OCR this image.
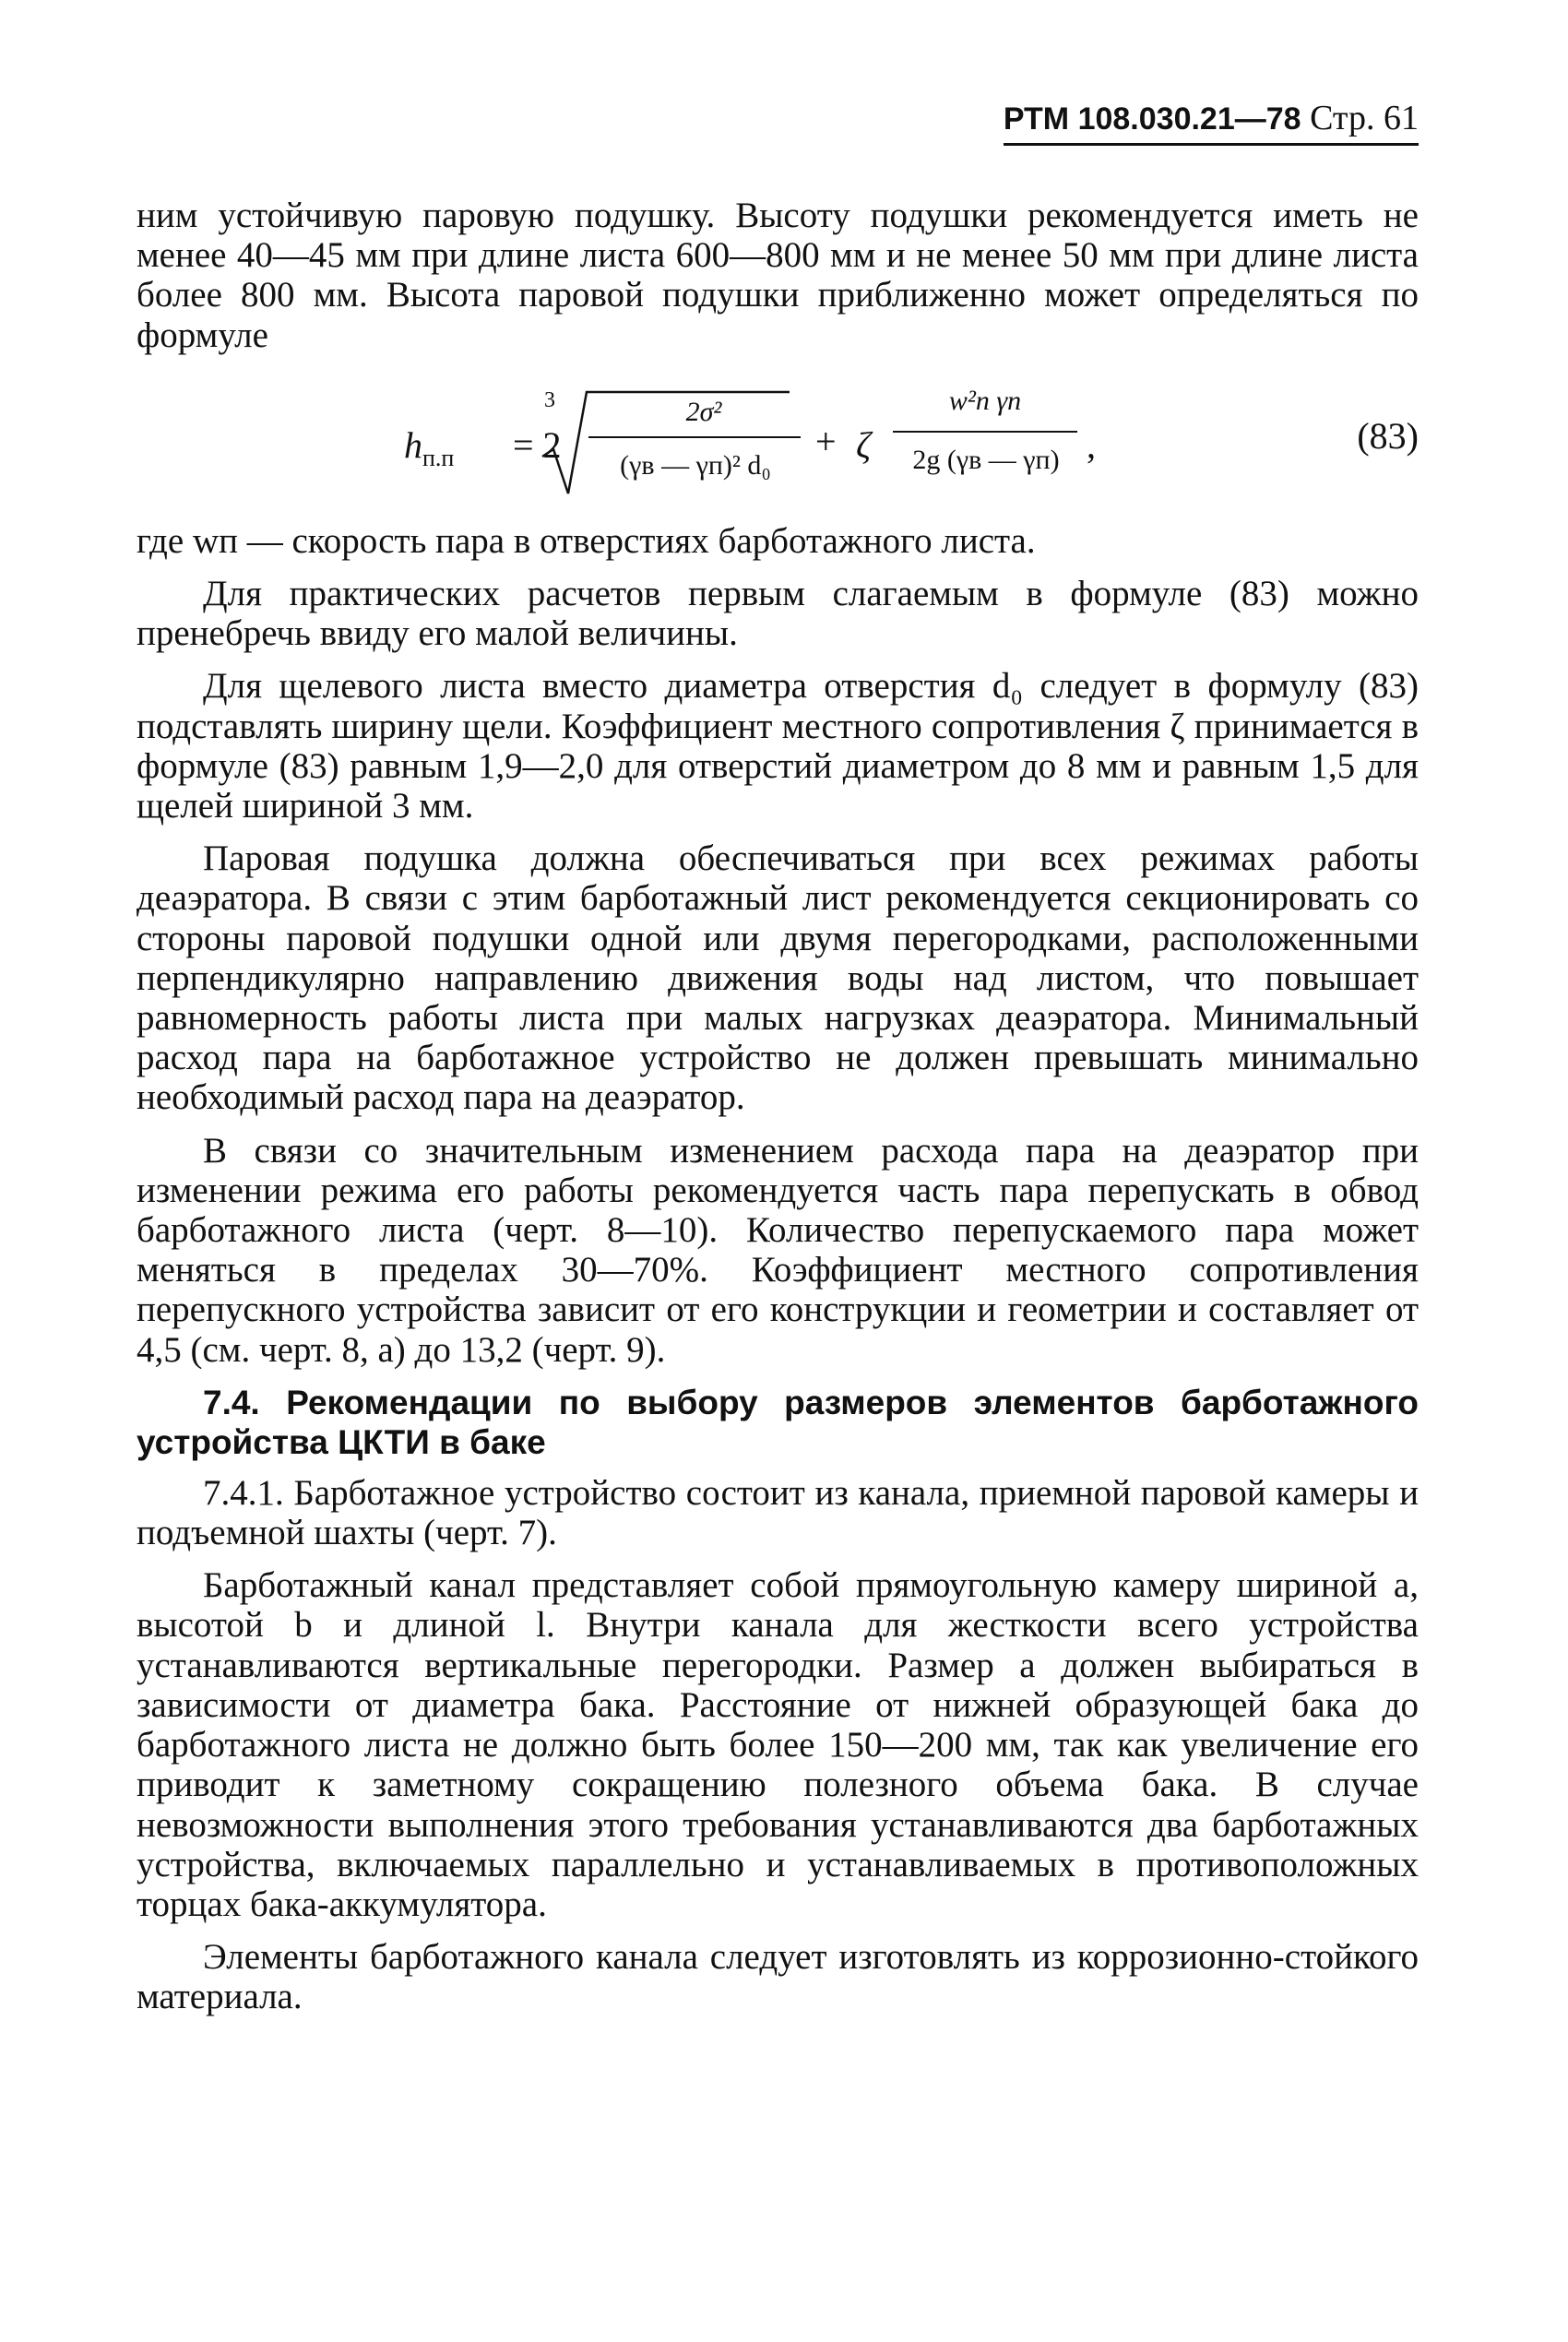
РТМ 108.030.21—78 Стр. 61

ним устойчивую паровую подушку. Высоту подушки рекомендуется иметь не менее 40—45 мм при длине листа 600—800 мм и не менее 50 мм при длине листа более 800 мм. Высота паровой подушки приближенно может определяться по формуле

$h_{п.п} = 2$
3	2σ²
(γв — γп)² d₀
+ ζ
w²п γп
2g (γв — γп) ,	(83)

где wп — скорость пара в отверстиях барботажного листа.

Для практических расчетов первым слагаемым в формуле (83) можно пренебречь ввиду его малой величины.

Для щелевого листа вместо диаметра отверстия d₀ следует в формулу (83) подставлять ширину щели. Коэффициент местного сопротивления ζ принимается в формуле (83) равным 1,9—2,0 для отверстий диаметром до 8 мм и равным 1,5 для щелей шириной 3 мм.

Паровая подушка должна обеспечиваться при всех режимах работы деаэратора. В связи с этим барботажный лист рекомендуется секционировать со стороны паровой подушки одной или двумя перегородками, расположенными перпендикулярно направлению движения воды над листом, что повышает равномерность работы листа при малых нагрузках деаэратора. Минимальный расход пара на барботажное устройство не должен превышать минимально необходимый расход пара на деаэратор.

В связи со значительным изменением расхода пара на деаэратор при изменении режима его работы рекомендуется часть пара перепускать в обвод барботажного листа (черт. 8—10). Количество перепускаемого пара может меняться в пределах 30—70%. Коэффициент местного сопротивления перепускного устройства зависит от его конструкции и геометрии и составляет от 4,5 (см. черт. 8, а) до 13,2 (черт. 9).

7.4. Рекомендации по выбору размеров элементов барботажного устройства ЦКТИ в баке

7.4.1. Барботажное устройство состоит из канала, приемной паровой камеры и подъемной шахты (черт. 7).

Барботажный канал представляет собой прямоугольную камеру шириной а, высотой b и длиной l. Внутри канала для жесткости всего устройства устанавливаются вертикальные перегородки. Размер а должен выбираться в зависимости от диаметра бака. Расстояние от нижней образующей бака до барботажного листа не должно быть более 150—200 мм, так как увеличение его приводит к заметному сокращению полезного объема бака. В случае невозможности выполнения этого требования устанавливаются два барботажных устройства, включаемых параллельно и устанавливаемых в противоположных торцах бака-аккумулятора.

Элементы барботажного канала следует изготовлять из коррозионно-стойкого материала.
